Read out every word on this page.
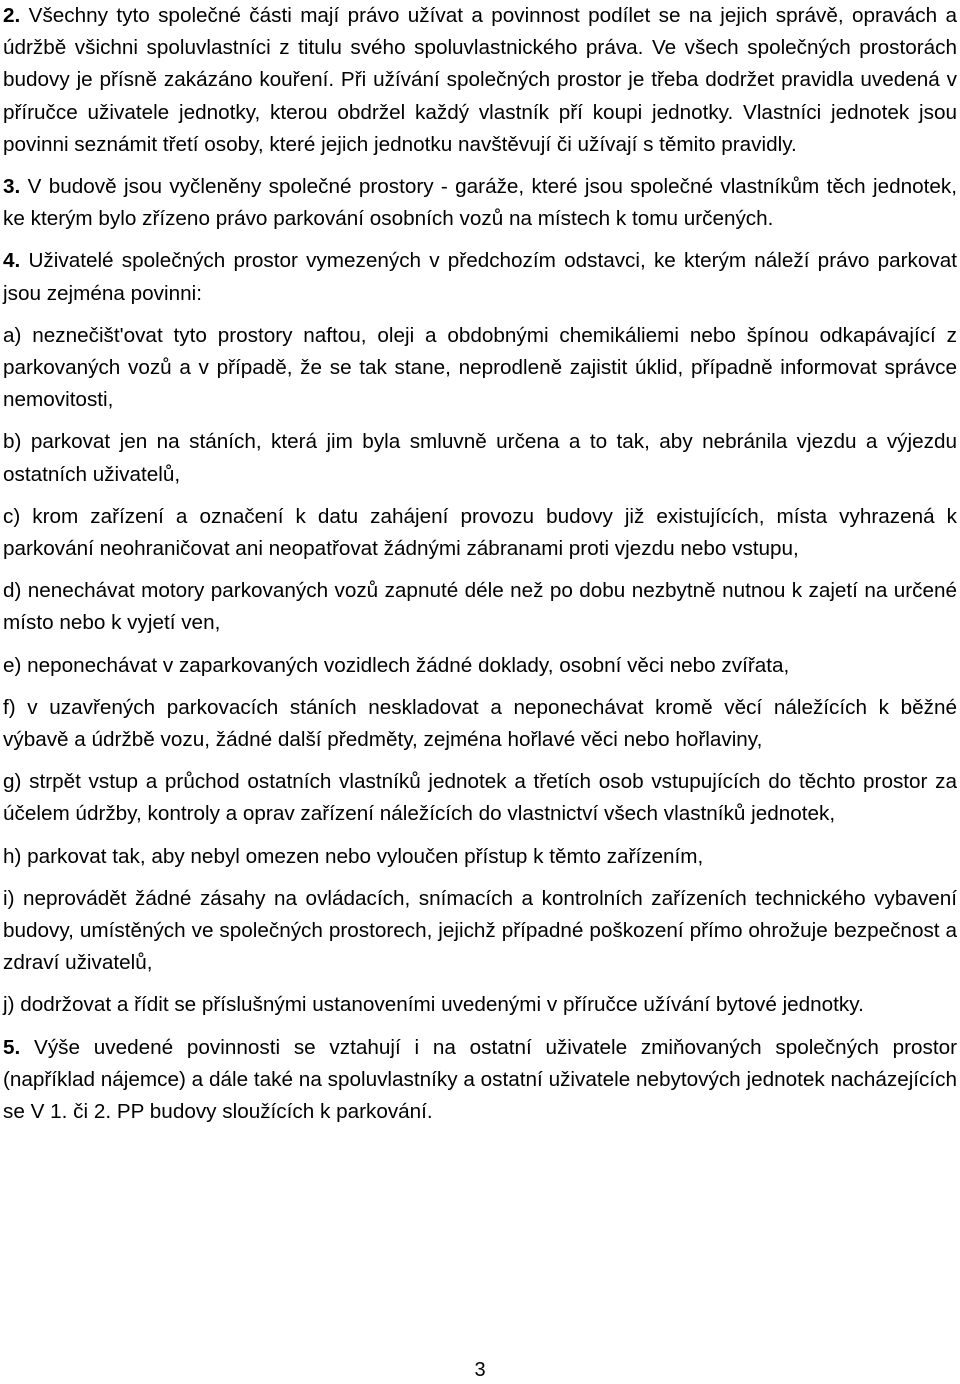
2. Všechny tyto společné části mají právo užívat a povinnost podílet se na jejich správě, opravách a údržbě všichni spoluvlastníci z titulu svého spoluvlastnického práva. Ve všech společných prostorách budovy je přísně zakázáno kouření. Při užívání společných prostor je třeba dodržet pravidla uvedená v příručce uživatele jednotky, kterou obdržel každý vlastník pří koupi jednotky. Vlastníci jednotek jsou povinni seznámit třetí osoby, které jejich jednotku navštěvují či užívají s těmito pravidly.

3. V budově jsou vyčleněny společné prostory - garáže, které jsou společné vlastníkům těch jednotek, ke kterým bylo zřízeno právo parkování osobních vozů na místech k tomu určených.

4. Uživatelé společných prostor vymezených v předchozím odstavci, ke kterým náleží právo parkovat jsou zejména povinni:

a) neznečišt'ovat tyto prostory naftou, oleji a obdobnými chemikáliemi nebo špínou odkapávající z parkovaných vozů a v případě, že se tak stane, neprodleně zajistit úklid, případně informovat správce nemovitosti,

b) parkovat jen na stáních, která jim byla smluvně určena a to tak, aby nebránila vjezdu a výjezdu ostatních uživatelů,

c) krom zařízení a označení k datu zahájení provozu budovy již existujících, místa vyhrazená k parkování neohraničovat ani neopatřovat žádnými zábranami proti vjezdu nebo vstupu,

d) nenechávat motory parkovaných vozů zapnuté déle než po dobu nezbytně nutnou k zajetí na určené místo nebo k vyjetí ven,

e) neponechávat v zaparkovaných vozidlech žádné doklady, osobní věci nebo zvířata,

f) v uzavřených parkovacích stáních neskladovat a neponechávat kromě věcí náležících k běžné výbavě a údržbě vozu, žádné další předměty, zejména hořlavé věci nebo hořlaviny,

g) strpět vstup a průchod ostatních vlastníků jednotek a třetích osob vstupujících do těchto prostor za účelem údržby, kontroly a oprav zařízení náležících do vlastnictví všech vlastníků jednotek,

h) parkovat tak, aby nebyl omezen nebo vyloučen přístup k těmto zařízením,

i) neprovádět žádné zásahy na ovládacích, snímacích a kontrolních zařízeních technického vybavení budovy, umístěných ve společných prostorech, jejichž případné poškození přímo ohrožuje bezpečnost a zdraví uživatelů,

j) dodržovat a řídit se příslušnými ustanoveními uvedenými v příručce užívání bytové jednotky.

5. Výše uvedené povinnosti se vztahují i na ostatní uživatele zmiňovaných společných prostor (například nájemce) a dále také na spoluvlastníky a ostatní uživatele nebytových jednotek nacházejících se V 1. či 2. PP budovy sloužících k parkování.

3
